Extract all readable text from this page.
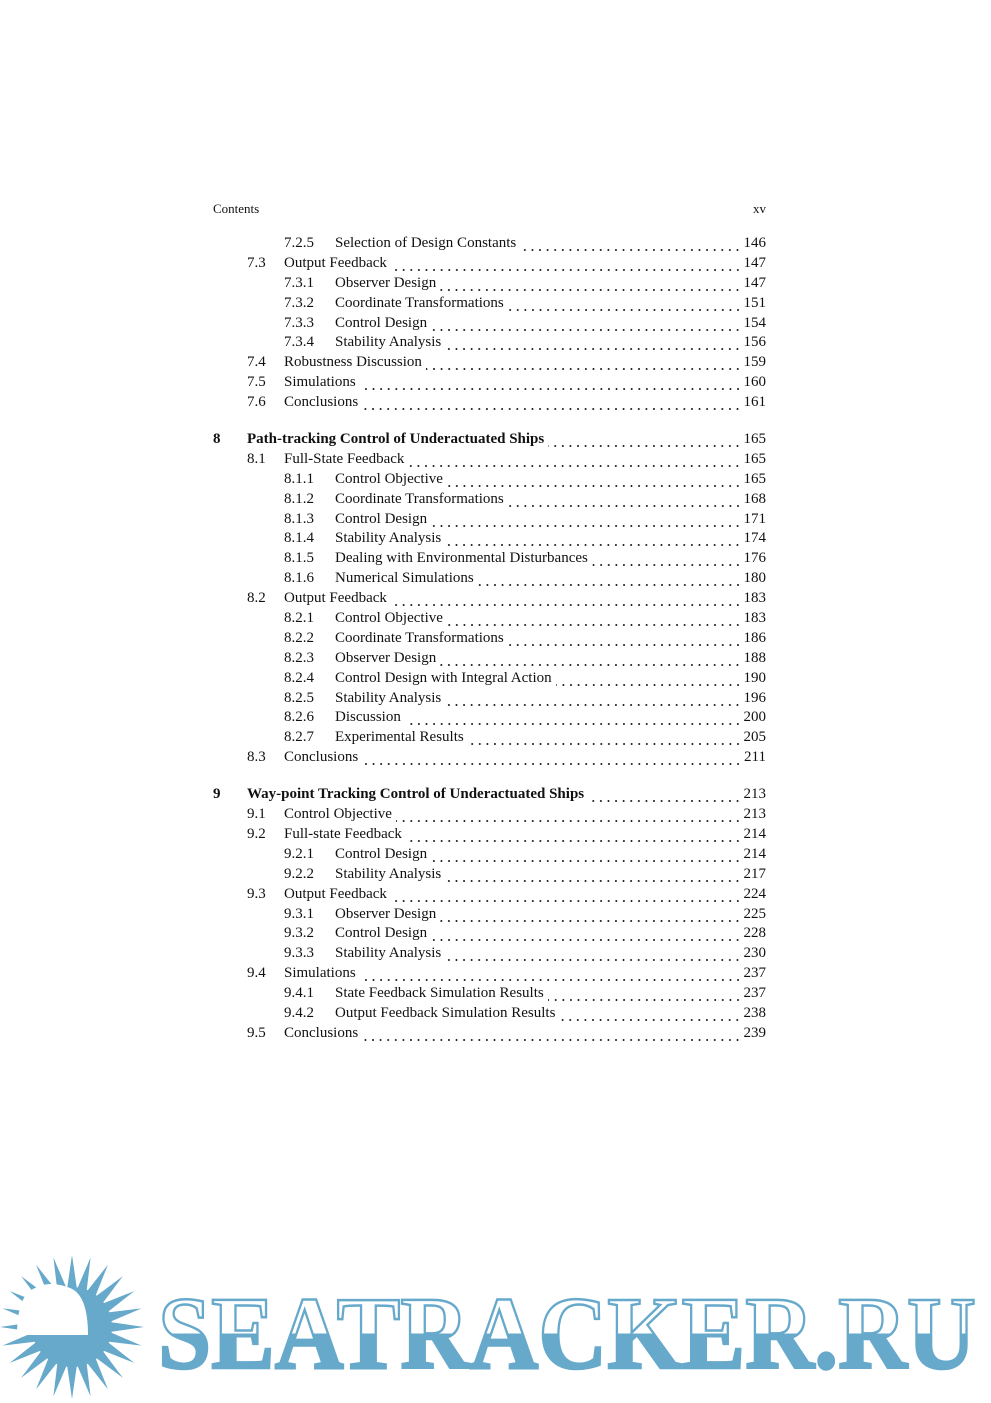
Contents	xv
7.2.5 Selection of Design Constants	146
7.3 Output Feedback	147
7.3.1 Observer Design	147
7.3.2 Coordinate Transformations	151
7.3.3 Control Design	154
7.3.4 Stability Analysis	156
7.4 Robustness Discussion	159
7.5 Simulations	160
7.6 Conclusions	161
8 Path-tracking Control of Underactuated Ships	165
8.1 Full-State Feedback	165
8.1.1 Control Objective	165
8.1.2 Coordinate Transformations	168
8.1.3 Control Design	171
8.1.4 Stability Analysis	174
8.1.5 Dealing with Environmental Disturbances	176
8.1.6 Numerical Simulations	180
8.2 Output Feedback	183
8.2.1 Control Objective	183
8.2.2 Coordinate Transformations	186
8.2.3 Observer Design	188
8.2.4 Control Design with Integral Action	190
8.2.5 Stability Analysis	196
8.2.6 Discussion	200
8.2.7 Experimental Results	205
8.3 Conclusions	211
9 Way-point Tracking Control of Underactuated Ships	213
9.1 Control Objective	213
9.2 Full-state Feedback	214
9.2.1 Control Design	214
9.2.2 Stability Analysis	217
9.3 Output Feedback	224
9.3.1 Observer Design	225
9.3.2 Control Design	228
9.3.3 Stability Analysis	230
9.4 Simulations	237
9.4.1 State Feedback Simulation Results	237
9.4.2 Output Feedback Simulation Results	238
9.5 Conclusions	239
SEATRACKER.RU
